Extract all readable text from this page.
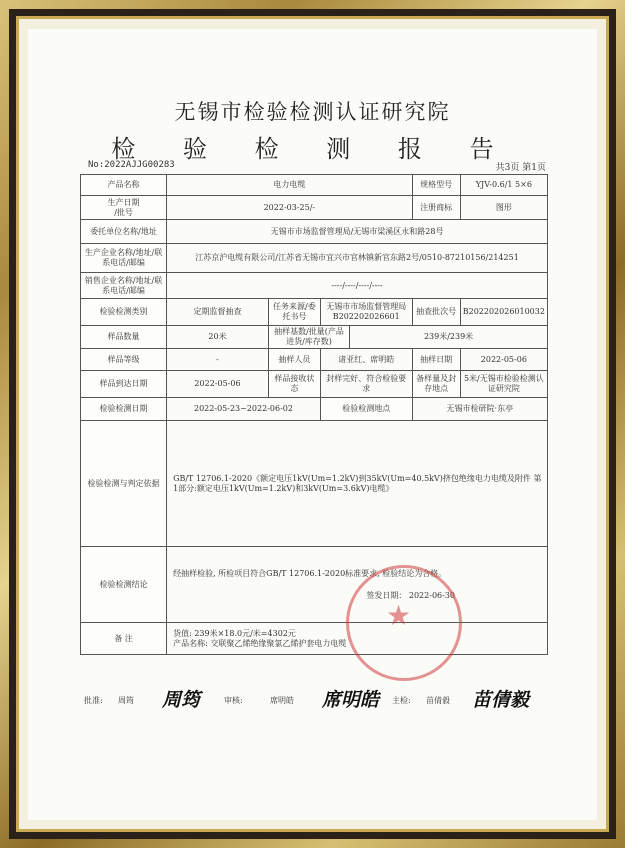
无锡市检验检测认证研究院
检 验 检 测 报 告
No:2022AJJG00283	共3页 第1页
产品名称	电力电缆				规格型号	YJV-0.6/1 5×6
生产日期
/批号	2022-03-25/-				注册商标	图形
委托单位名称/地址	无锡市市场监督管理局/无锡市梁溪区永和路28号					
生产企业名称/地址/联系电话/邮编	江苏京沪电缆有限公司/江苏省无锡市宜兴市官林镇新官东路2号/0510-87210156/214251					
销售企业名称/地址/联系电话/邮编	----/----/----/----					
检验检测类别	定期监督抽查	任务来源/委托书号	无锡市市场监督管理局B202202026601		抽查批次号	B202202026010032
样品数量	20米	抽样基数/批量(产品进货/库存数)		239米/239米		
样品等级	-	抽样人员	诸亚红、席明皓		抽样日期	2022-05-06
样品到达日期	2022-05-06	样品接收状态	封样完好、符合检验要求		备样量及封存地点	5米/无锡市检验检测认证研究院
检验检测日期	2022-05-23~2022-06-02		检验检测地点		无锡市检研院·东亭	
检验检测与判定依据	GB/T 12706.1-2020《额定电压1kV(Um=1.2kV)到35kV(Um=40.5kV)挤包绝缘电力电缆及附件 第1部分:额定电压1kV(Um=1.2kV)和3kV(Um=3.6kV)电缆》					
检验检测结论	经抽样检验, 所检项目符合GB/T 12706.1-2020标准要求, 检验结论为合格。
签发日期： 2022-06-30					

备 注	货值: 239米×18.0元/米=4302元
产品名称: 交联聚乙烯绝缘聚氯乙烯护套电力电缆					
★
批准: 周筠 周筠	审核:	席明皓 席明皓 主检: 苗倩毅 苗倩毅
